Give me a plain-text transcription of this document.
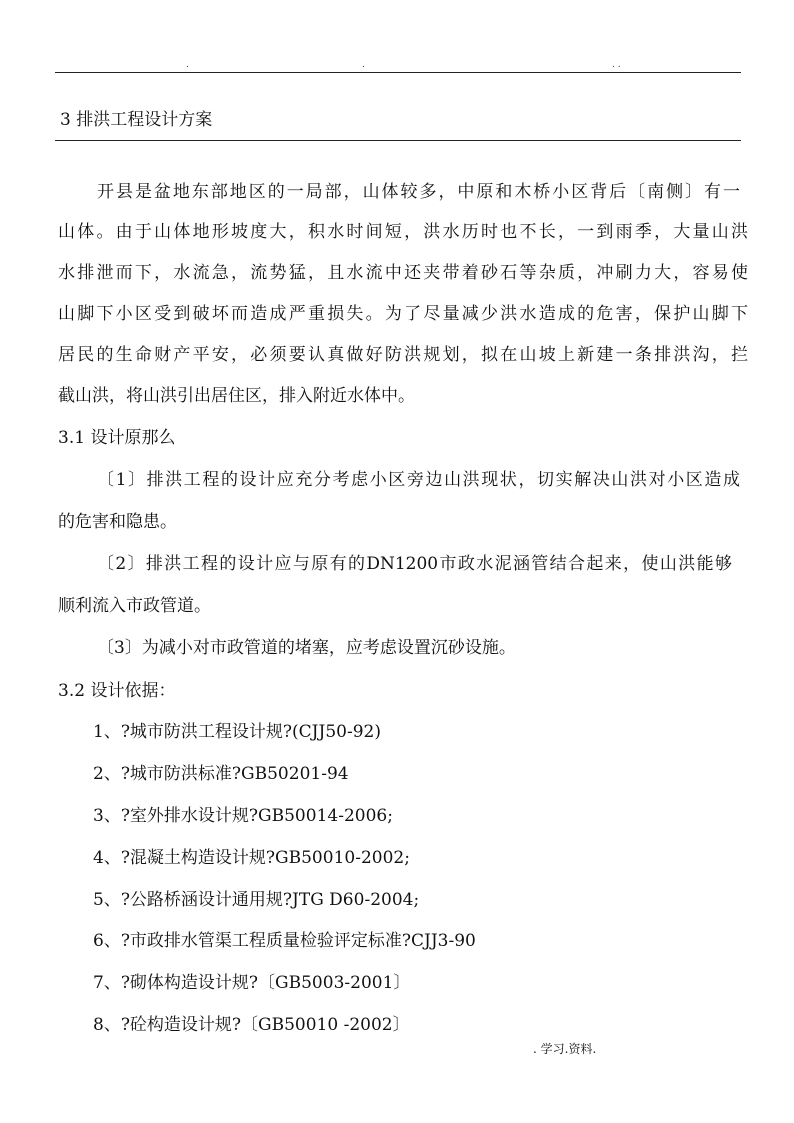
.	.	. .
3 排洪工程设计方案
开县是盆地东部地区的一局部，山体较多，中原和木桥小区背后〔南侧〕有一
山体。由于山体地形坡度大，积水时间短，洪水历时也不长，一到雨季，大量山洪
水排泄而下，水流急，流势猛，且水流中还夹带着砂石等杂质，冲刷力大，容易使
山脚下小区受到破坏而造成严重损失。为了尽量减少洪水造成的危害，保护山脚下
居民的生命财产平安，必须要认真做好防洪规划，拟在山坡上新建一条排洪沟，拦
截山洪，将山洪引出居住区，排入附近水体中。
3.1 设计原那么
〔1〕排洪工程的设计应充分考虑小区旁边山洪现状，切实解决山洪对小区造成
的危害和隐患。
〔2〕排洪工程的设计应与原有的DN1200市政水泥涵管结合起来，使山洪能够
顺利流入市政管道。
〔3〕为减小对市政管道的堵塞，应考虑设置沉砂设施。
3.2 设计依据：
1、?城市防洪工程设计规?(CJJ50-92)
2、?城市防洪标准?GB50201-94
3、?室外排水设计规?GB50014-2006;
4、?混凝土构造设计规?GB50010-2002;
5、?公路桥涵设计通用规?JTG D60-2004;
6、?市政排水管渠工程质量检验评定标准?CJJ3-90
7、?砌体构造设计规?〔GB5003-2001〕
8、?砼构造设计规?〔GB50010 -2002〕
. 学习.资料.
